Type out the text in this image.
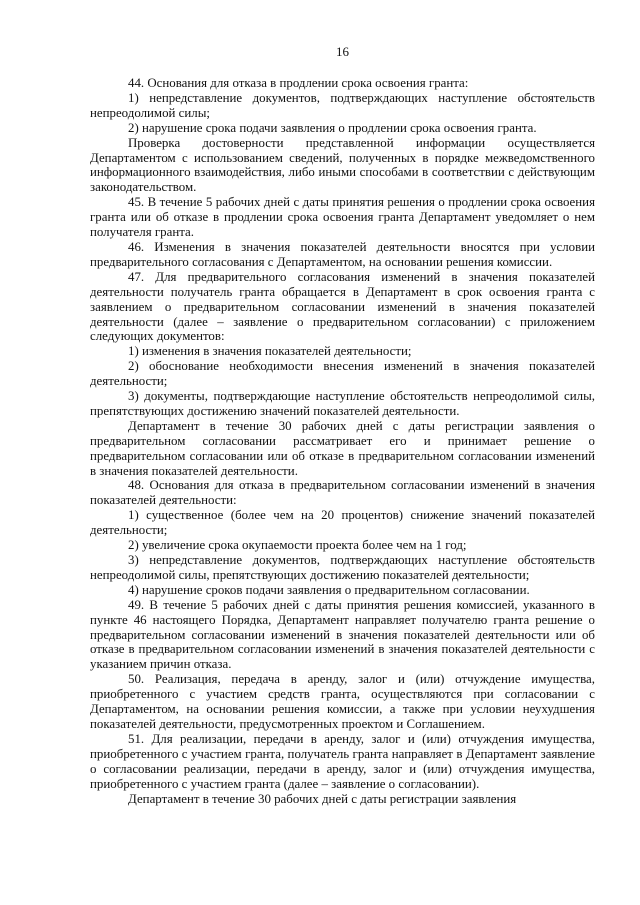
16

44. Основания для отказа в продлении срока освоения гранта:

1) непредставление документов, подтверждающих наступление обстоятельств непреодолимой силы;

2) нарушение срока подачи заявления о продлении срока освоения гранта.

Проверка достоверности представленной информации осуществляется Департаментом с использованием сведений, полученных в порядке межведомственного информационного взаимодействия, либо иными способами в соответствии с действующим законодательством.

45. В течение 5 рабочих дней с даты принятия решения о продлении срока освоения гранта или об отказе в продлении срока освоения гранта Департамент уведомляет о нем получателя гранта.

46. Изменения в значения показателей деятельности вносятся при условии предварительного согласования с Департаментом, на основании решения комиссии.

47. Для предварительного согласования изменений в значения показателей деятельности получатель гранта обращается в Департамент в срок освоения гранта с заявлением о предварительном согласовании изменений в значения показателей деятельности (далее – заявление о предварительном согласовании) с приложением следующих документов:

1) изменения в значения показателей деятельности;

2) обоснование необходимости внесения изменений в значения показателей деятельности;

3) документы, подтверждающие наступление обстоятельств непреодолимой силы, препятствующих достижению значений показателей деятельности.

Департамент в течение 30 рабочих дней с даты регистрации заявления о предварительном согласовании рассматривает его и принимает решение о предварительном согласовании или об отказе в предварительном согласовании изменений в значения показателей деятельности.

48. Основания для отказа в предварительном согласовании изменений в значения показателей деятельности:

1) существенное (более чем на 20 процентов) снижение значений показателей деятельности;

2) увеличение срока окупаемости проекта более чем на 1 год;

3) непредставление документов, подтверждающих наступление обстоятельств непреодолимой силы, препятствующих достижению показателей деятельности;

4) нарушение сроков подачи заявления о предварительном согласовании.

49. В течение 5 рабочих дней с даты принятия решения комиссией, указанного в пункте 46 настоящего Порядка, Департамент направляет получателю гранта решение о предварительном согласовании изменений в значения показателей деятельности или об отказе в предварительном согласовании изменений в значения показателей деятельности с указанием причин отказа.

50. Реализация, передача в аренду, залог и (или) отчуждение имущества, приобретенного с участием средств гранта, осуществляются при согласовании с Департаментом, на основании решения комиссии, а также при условии неухудшения показателей деятельности, предусмотренных проектом и Соглашением.

51. Для реализации, передачи в аренду, залог и (или) отчуждения имущества, приобретенного с участием гранта, получатель гранта направляет в Департамент заявление о согласовании реализации, передачи в аренду, залог и (или) отчуждения имущества, приобретенного с участием гранта (далее – заявление о согласовании).

Департамент в течение 30 рабочих дней с даты регистрации заявления
